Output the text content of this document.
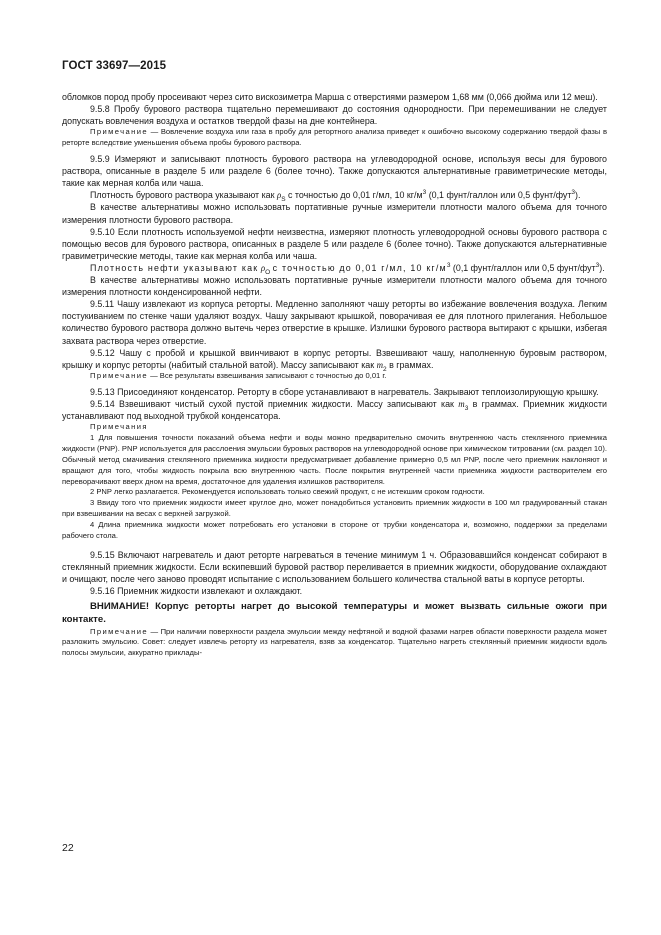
ГОСТ 33697—2015

обломков пород пробу просеивают через сито вискозиметра Марша с отверстиями размером 1,68 мм (0,066 дюйма или 12 меш).

9.5.8 Пробу бурового раствора тщательно перемешивают до состояния однородности. При перемешивании не следует допускать вовлечения воздуха и остатков твердой фазы на дне контейнера.

Примечание — Вовлечение воздуха или газа в пробу для ретортного анализа приведет к ошибочно высокому содержанию твердой фазы в реторте вследствие уменьшения объема пробы бурового раствора.

9.5.9 Измеряют и записывают плотность бурового раствора на углеводородной основе, используя весы для бурового раствора, описанные в разделе 5 или разделе 6 (более точно). Также допускаются альтернативные гравиметрические методы, такие как мерная колба или чаша.

Плотность бурового раствора указывают как $\rho_S$ с точностью до 0,01 г/мл, 10 $кг/м^3$ (0,1 фунт/галлон или 0,5 фунт/фут$^3$).

В качестве альтернативы можно использовать портативные ручные измерители плотности малого объема для точного измерения плотности бурового раствора.

9.5.10 Если плотность используемой нефти неизвестна, измеряют плотность углеводородной основы бурового раствора с помощью весов для бурового раствора, описанных в разделе 5 или разделе 6 (более точно). Также допускаются альтернативные гравиметрические методы, такие как мерная колба или чаша.

Плотность нефти указывают как $\rho_O$ с точностью до 0,01 г/мл, 10 $кг/м^3$ (0,1 фунт/галлон или 0,5 фунт/фут$^3$).

В качестве альтернативы можно использовать портативные ручные измерители плотности малого объема для точного измерения плотности конденсированной нефти.

9.5.11 Чашу извлекают из корпуса реторты. Медленно заполняют чашу реторты во избежание вовлечения воздуха. Легким постукиванием по стенке чаши удаляют воздух. Чашу закрывают крышкой, поворачивая ее для плотного прилегания. Небольшое количество бурового раствора должно вытечь через отверстие в крышке. Излишки бурового раствора вытирают с крышки, избегая захвата раствора через отверстие.

9.5.12 Чашу с пробой и крышкой ввинчивают в корпус реторты. Взвешивают чашу, наполненную буровым раствором, крышку и корпус реторты (набитый стальной ватой). Массу записывают как $m_2$ в граммах.

Примечание — Все результаты взвешивания записывают с точностью до 0,01 г.

9.5.13 Присоединяют конденсатор. Реторту в сборе устанавливают в нагреватель. Закрывают теплоизолирующую крышку.

9.5.14 Взвешивают чистый сухой пустой приемник жидкости. Массу записывают как $m_3$ в граммах. Приемник жидкости устанавливают под выходной трубкой конденсатора.

Примечания

1 Для повышения точности показаний объема нефти и воды можно предварительно смочить внутреннюю часть стеклянного приемника жидкости (PNP). PNP используется для расслоения эмульсии буровых растворов на углеводородной основе при химическом титровании (см. раздел 10). Обычный метод смачивания стеклянного приемника жидкости предусматривает добавление примерно 0,5 мл PNP, после чего приемник наклоняют и вращают для того, чтобы жидкость покрыла всю внутреннюю часть. После покрытия внутренней части приемника жидкости растворителем его переворачивают вверх дном на время, достаточное для удаления излишков растворителя.

2 PNP легко разлагается. Рекомендуется использовать только свежий продукт, с не истекшим сроком годности.

3 Ввиду того что приемник жидкости имеет круглое дно, может понадобиться установить приемник жидкости в 100 мл градуированный стакан при взвешивании на весах с верхней загрузкой.

4 Длина приемника жидкости может потребовать его установки в стороне от трубки конденсатора и, возможно, поддержки за пределами рабочего стола.

9.5.15 Включают нагреватель и дают реторте нагреваться в течение минимум 1 ч. Образовавшийся конденсат собирают в стеклянный приемник жидкости. Если вскипевший буровой раствор переливается в приемник жидкости, оборудование охлаждают и очищают, после чего заново проводят испытание с использованием большего количества стальной ваты в корпусе реторты.

9.5.16 Приемник жидкости извлекают и охлаждают.

ВНИМАНИЕ! Корпус реторты нагрет до высокой температуры и может вызвать сильные ожоги при контакте.

Примечание — При наличии поверхности раздела эмульсии между нефтяной и водной фазами нагрев области поверхности раздела может разложить эмульсию. Совет: следует извлечь реторту из нагревателя, взяв за конденсатор. Тщательно нагреть стеклянный приемник жидкости вдоль полосы эмульсии, аккуратно приклады-

22
